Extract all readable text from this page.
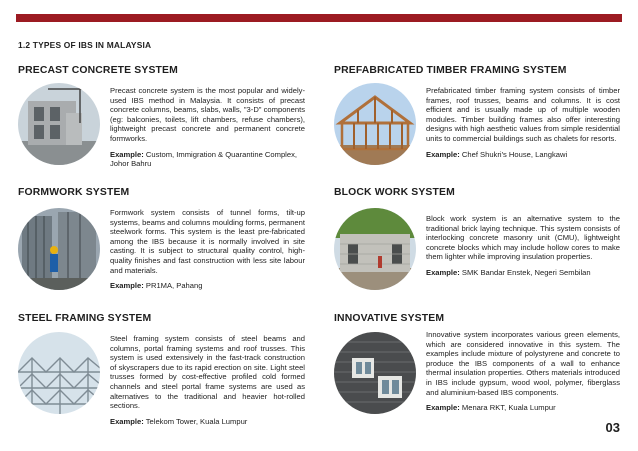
1.2 TYPES OF IBS IN MALAYSIA
PRECAST CONCRETE SYSTEM

Precast concrete system is the most popular and widely-used IBS method in Malaysia. It consists of precast concrete columns, beams, slabs, walls, "3-D" components (eg: balconies, toilets, lift chambers, refuse chambers), lightweight precast concrete and permanent concrete formworks.

Example: Custom, Immigration & Quarantine Complex, Johor Bahru

PREFABRICATED TIMBER FRAMING SYSTEM

Prefabricated timber framing system consists of timber frames, roof trusses, beams and columns. It is cost efficient and is usually made up of multiple wooden modules. Timber building frames also offer interesting designs with high aesthetic values from simple residential units to commercial buildings such as chalets for resorts.

Example: Chef Shukri's House, Langkawi

FORMWORK SYSTEM

Formwork system consists of tunnel forms, tilt-up systems, beams and columns moulding forms, permanent steelwork forms. This system is the least pre-fabricated among the IBS because it is normally involved in site casting. It is subject to structural quality control, high-quality finishes and fast construction with less site labour and materials.

Example: PR1MA, Pahang

BLOCK WORK SYSTEM

Block work system is an alternative system to the traditional brick laying technique. This system consists of interlocking concrete masonry unit (CMU), lightweight concrete blocks which may include hollow cores to make them lighter while improving insulation properties.

Example: SMK Bandar Enstek, Negeri Sembilan

STEEL FRAMING SYSTEM

Steel framing system consists of steel beams and columns, portal framing systems and roof trusses. This system is used extensively in the fast-track construction of skyscrapers due to its rapid erection on site. Light steel trusses formed by cost-effective profiled cold formed channels and steel portal frame systems are used as alternatives to the traditional and heavier hot-rolled sections.

Example: Telekom Tower, Kuala Lumpur

INNOVATIVE SYSTEM

Innovative system incorporates various green elements, which are considered innovative in this system. The examples include mixture of polystyrene and concrete to produce the IBS components of a wall to enhance thermal insulation properties. Others materials introduced in IBS include gypsum, wood wool, polymer, fiberglass and aluminium-based IBS components.

Example: Menara RKT, Kuala Lumpur

03
